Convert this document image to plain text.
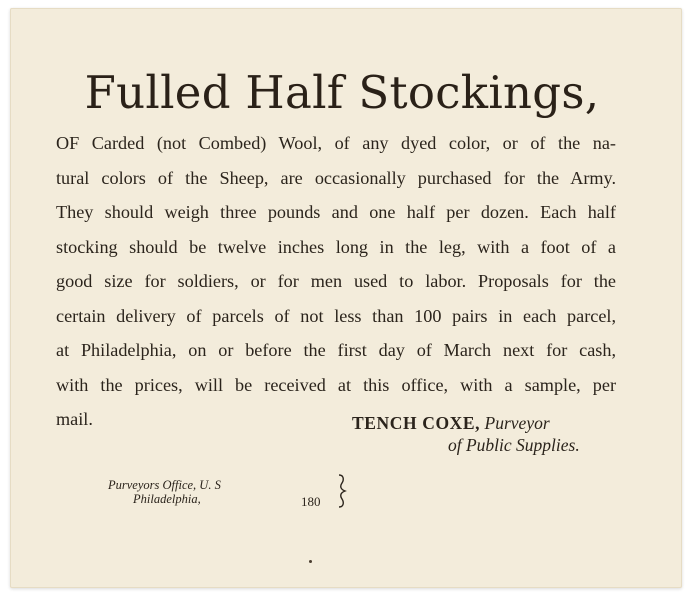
Fulled Half Stockings,
OF Carded (not Combed) Wool, of any dyed color, or of the na-
tural colors of the Sheep, are occasionally purchased for the Army.
They should weigh three pounds and one half per dozen. Each half
stocking should be twelve inches long in the leg, with a foot of a
good size for soldiers, or for men used to labor. Proposals for the
certain delivery of parcels of not less than 100 pairs in each parcel,
at Philadelphia, on or before the first day of March next for cash,
with the prices, will be received at this office, with a sample, per
mail.	TENCH COXE, Purveyor
of Public Supplies.
Purveyors Office, U. S
Philadelphia,	180
